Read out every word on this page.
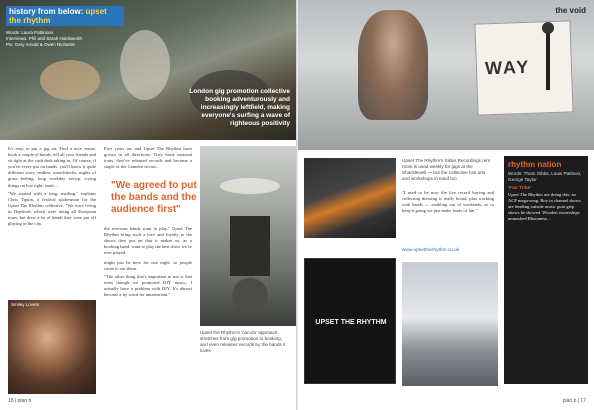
history from below: upset the rhythm
Words: Laura Pattinson
Interviews: Phil and Sarah Holdsworth
Pix: Gary Arnold & Owen Richards
London gig promotion collective booking adventurously and increasingly leftfield, making everyone's surfing a wave of righteous positivity

It's easy to put a gig on. Find a nice venue, book a couple of bands, tell all your friends and sit tight at the cash desk taking in. Of course, if you've every put on bands, you'll know it quite different story, endless soundchecks, nights of grass feeling, long weekday set-up, crying things on lost right, souls...

"We started with a long, mailing," explains Chris Tipton, a festival spokesman for the Upset The Rhythm collective. "We were living in Deptford, which were doing all European tours, but drew a lot of bands they were put off playing in the city.

Five years on, and Upset The Rhythm have grown in all directions. They book national tours, they've released records and become a staple of the Camden circuit...

"We agreed to put the bands and the audience first"

the overseas bands want to play." Upset The Rhythm bring such a love and loyalty to the shows they put on that it makes us, as a booking band, want to play the best show we've ever played.

Smiley Lovers
Upset the Rhythm's 'can-do' approach stretches from gig promotion to booking, and even releases records by the bands it loves

might just be here for one night, so people come to see them.

"The other thing that's important to me is that even though we promoted DIY music, I actually have a problem with DIY. It's almost become a by-word for amateurism."

18 | plan b
WAY
the void
Upset The Rhythm's Sister Recordings rent room is used weekly for gigs at the Shacklewell — but the collective has arts and workshops in mind too
"I used to be now the live record buying and collecting dressing is really broad, plus working with bands — enabling out of weekends, so to keep it going we just make loads of fun."
www.upsettherhythm.co.uk
UPSET THE RHYTHM
rhythm nation
Words: Thom Gibbs, Louis Pattison, George Taylor
'Fan Trike'
Upset The Rhythm are doing this: an ACP mega-song. Boy in channel shows are heading outside music guru grip shows he showed. Wooden ownerships unmasked Bhutanese...
plan b | 17
